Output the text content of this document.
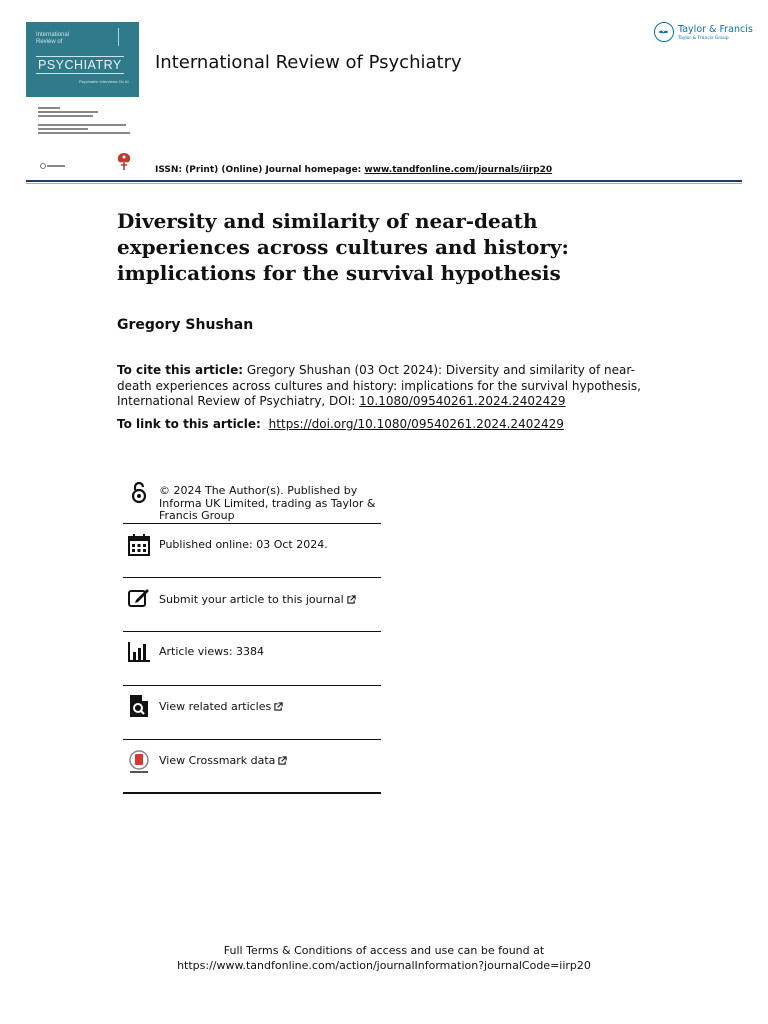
International
Review of
PSYCHIATRY
Psychiatric Interviews On AI
International Review of Psychiatry
Taylor & Francis
Taylor & Francis Group
ISSN: (Print) (Online) Journal homepage: www.tandfonline.com/journals/iirp20
Diversity and similarity of near-death experiences across cultures and history: implications for the survival hypothesis
Gregory Shushan
To cite this article: Gregory Shushan (03 Oct 2024): Diversity and similarity of near-death experiences across cultures and history: implications for the survival hypothesis, International Review of Psychiatry, DOI: 10.1080/09540261.2024.2402429
To link to this article: https://doi.org/10.1080/09540261.2024.2402429
© 2024 The Author(s). Published by Informa UK Limited, trading as Taylor & Francis Group
Published online: 03 Oct 2024.
Submit your article to this journal
Article views: 3384
View related articles
View Crossmark data
Full Terms & Conditions of access and use can be found at
https://www.tandfonline.com/action/journalInformation?journalCode=iirp20
